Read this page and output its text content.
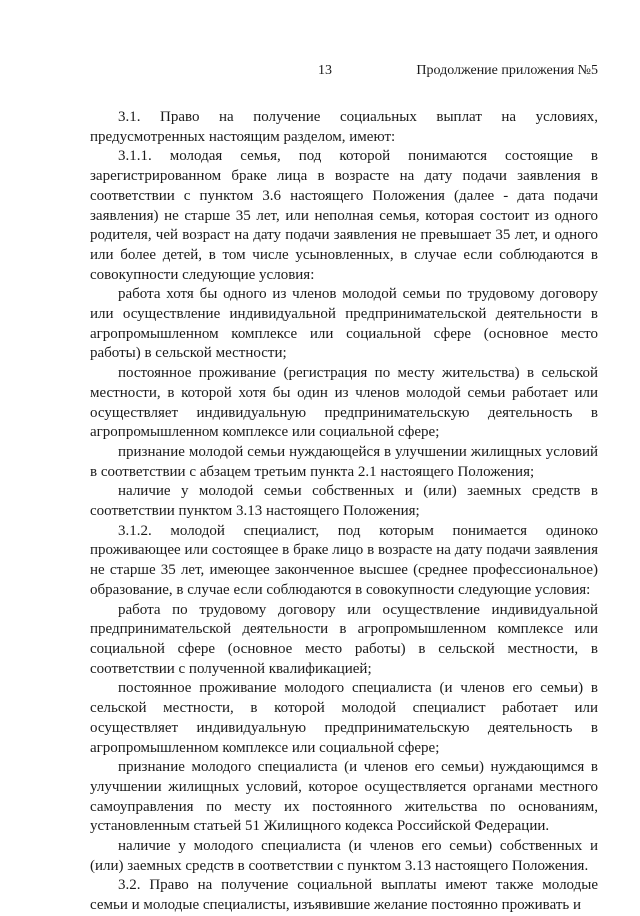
13	Продолжение приложения №5

3.1. Право на получение социальных выплат на условиях, предусмотренных настоящим разделом, имеют:

3.1.1. молодая семья, под которой понимаются состоящие в зарегистрированном браке лица в возрасте на дату подачи заявления в соответствии с пунктом 3.6 настоящего Положения (далее - дата подачи заявления) не старше 35 лет, или неполная семья, которая состоит из одного родителя, чей возраст на дату подачи заявления не превышает 35 лет, и одного или более детей, в том числе усыновленных, в случае если соблюдаются в совокупности следующие условия:

работа хотя бы одного из членов молодой семьи по трудовому договору или осуществление индивидуальной предпринимательской деятельности в агропромышленном комплексе или социальной сфере (основное место работы) в сельской местности;

постоянное проживание (регистрация по месту жительства) в сельской местности, в которой хотя бы один из членов молодой семьи работает или осуществляет индивидуальную предпринимательскую деятельность в агропромышленном комплексе или социальной сфере;

признание молодой семьи нуждающейся в улучшении жилищных условий в соответствии с абзацем третьим пункта 2.1 настоящего Положения;

наличие у молодой семьи собственных и (или) заемных средств в соответствии пунктом 3.13 настоящего Положения;

3.1.2. молодой специалист, под которым понимается одиноко проживающее или состоящее в браке лицо в возрасте на дату подачи заявления не старше 35 лет, имеющее законченное высшее (среднее профессиональное) образование, в случае если соблюдаются в совокупности следующие условия:

работа по трудовому договору или осуществление индивидуальной предпринимательской деятельности в агропромышленном комплексе или социальной сфере (основное место работы) в сельской местности, в соответствии с полученной квалификацией;

постоянное проживание молодого специалиста (и членов его семьи) в сельской местности, в которой молодой специалист работает или осуществляет индивидуальную предпринимательскую деятельность в агропромышленном комплексе или социальной сфере;

признание молодого специалиста (и членов его семьи) нуждающимся в улучшении жилищных условий, которое осуществляется органами местного самоуправления по месту их постоянного жительства по основаниям, установленным статьей 51 Жилищного кодекса Российской Федерации.

наличие у молодого специалиста (и членов его семьи) собственных и (или) заемных средств в соответствии с пунктом 3.13 настоящего Положения.

3.2. Право на получение социальной выплаты имеют также молодые семьи и молодые специалисты, изъявившие желание постоянно проживать и
